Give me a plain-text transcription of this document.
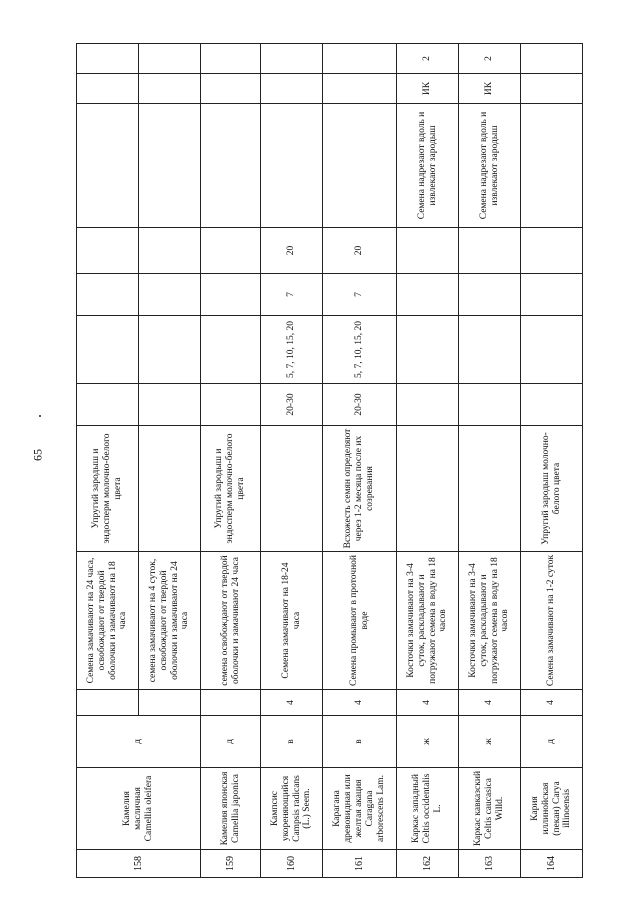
65
158	Камелия масличная Camellia oleifera	д		Семена замачивают на 24 часа, освобождают от твердой оболочки и замачивают на 18 часа	Упругий зародыш и эндосперм молочно-белого цвета							
				семена замачивают на 4 суток, освобождают от твердой оболочки и замачивают на 24 часа								
159	Камелия японская Camellia japonica	д		семена освобождают от твердой оболочки и замачивают 24 часа	Упругий зародыш и эндосперм молочно-белого цвета							
160	Кампсис укореняющийся Campsis radicans (L.) Seem.	в	4	Семена замачивают на 18-24 часа		20-30	5, 7, 10, 15, 20	7	20			
161	Карагана древовидная или желтая акация Caragana arborescens Lam.	в	4	Семена промывают в проточной воде	Всхожесть семян определяют через 1-2 месяца после их созревания	20-30	5, 7, 10, 15, 20	7	20			
162	Каркас западный Celtis occidentalis L.	ж	4	Косточки замачивают на 3-4 суток, раскладывают и погружают семена в воду на 18 часов						Семена надрезают вдоль и извлекают зародыш	ИК	2
163	Каркас кавказский Celtis caucasica Willd.	ж	4	Косточки замачивают на 3-4 суток, раскладывают и погружают семена в воду на 18 часов						Семена надрезают вдоль и извлекают зародыш	ИК	2
164	Кария иллинойская (пекан) Carya illinoensis	д	4	Семена замачивают на 1-2 суток	Упругий зародыш молочно-белого цвета							
